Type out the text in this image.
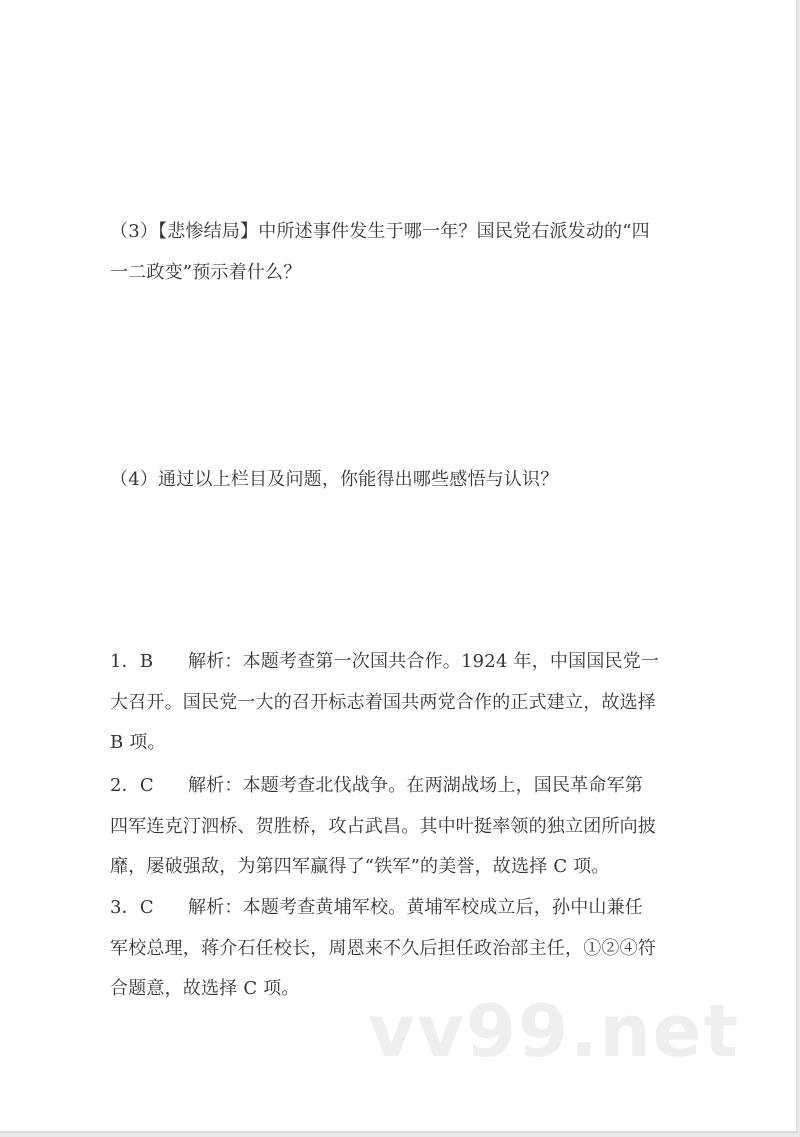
（3）【悲惨结局】中所述事件发生于哪一年？国民党右派发动的“四
一二政变”预示着什么？
（4）通过以上栏目及问题，你能得出哪些感悟与认识？
1．B 解析：本题考查第一次国共合作。1924 年，中国国民党一
大召开。国民党一大的召开标志着国共两党合作的正式建立，故选择
B 项。
2．C 解析：本题考查北伐战争。在两湖战场上，国民革命军第
四军连克汀泗桥、贺胜桥，攻占武昌。其中叶挺率领的独立团所向披
靡，屡破强敌，为第四军赢得了“铁军”的美誉，故选择 C 项。
3．C 解析：本题考查黄埔军校。黄埔军校成立后，孙中山兼任
军校总理，蒋介石任校长，周恩来不久后担任政治部主任，①②④符
合题意，故选择 C 项。
vv99.net
